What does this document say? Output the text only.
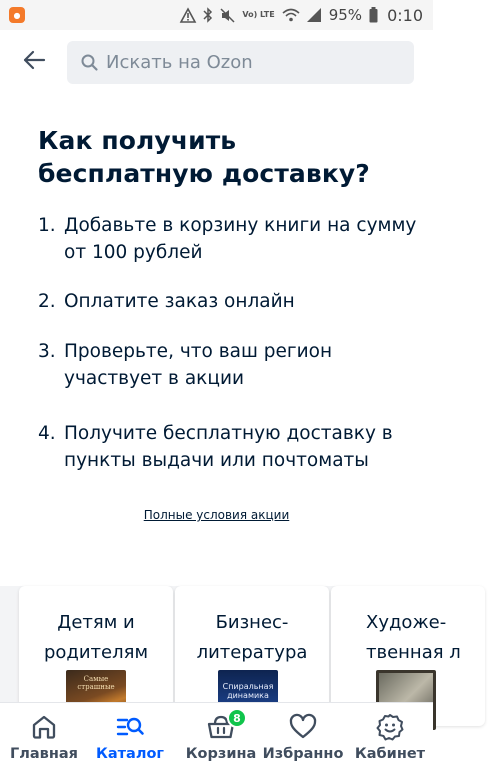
●	Vo) LTE	95% 0:10
Искать на Ozon
Как получить бесплатную доставку?
1. Добавьте в корзину книги на сумму от 100 рублей
2. Оплатите заказ онлайн
3. Проверьте, что ваш регион участвует в акции
4. Получите бесплатную доставку в пункты выдачи или почтоматы
Полные условия акции
Детям и родителям
Самые страшные
Бизнес-литература
Спиральная динамика
Художе- твенная л
Главная Каталог
8
Корзина Избранно Кабинет
